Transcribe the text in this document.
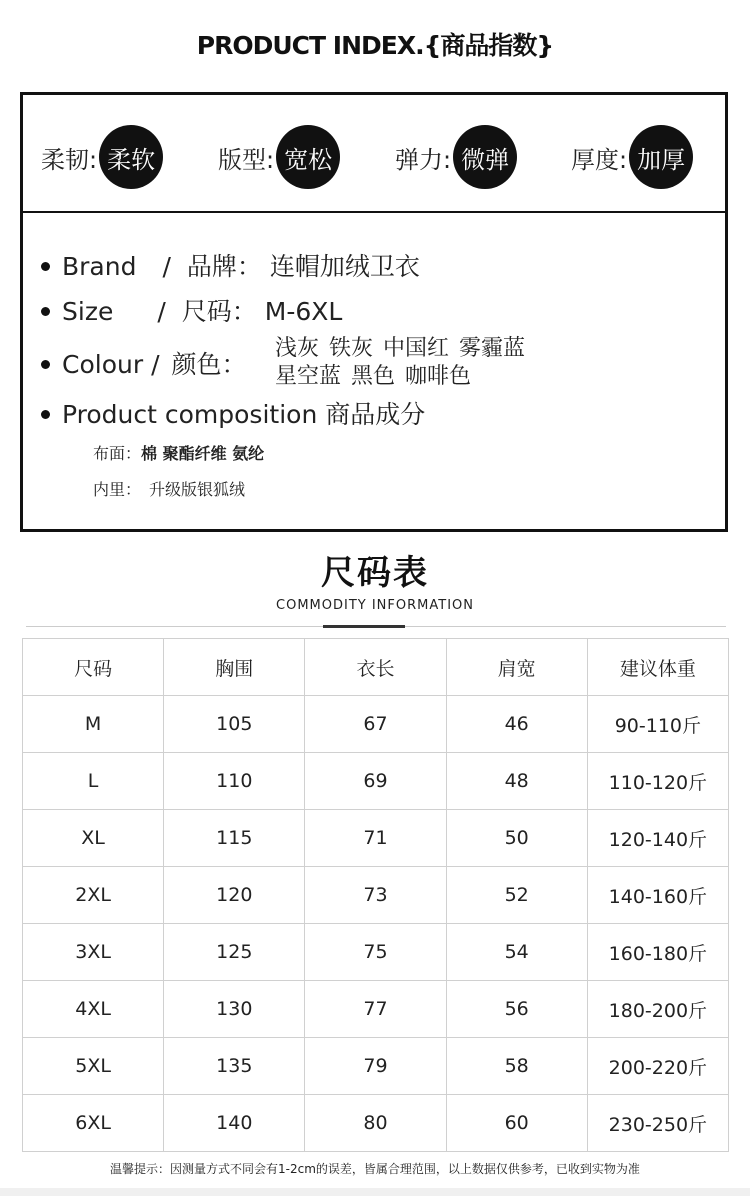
PRODUCT INDEX.{商品指数}
柔韧: 柔软	版型: 宽松	弹力: 微弹	厚度: 加厚
Brand / 品牌： 连帽加绒卫衣
Size / 尺码： M-6XL
Colour / 颜色：
浅灰 铁灰 中国红 雾霾蓝
星空蓝 黑色 咖啡色
Product composition 商品成分
布面：棉 聚酯纤维 氨纶
内里： 升级版银狐绒
尺码表
COMMODITY INFORMATION
尺码	胸围	衣长	肩宽	建议体重
M	105	67	46	90-110斤
L	110	69	48	110-120斤
XL	115	71	50	120-140斤
2XL	120	73	52	140-160斤
3XL	125	75	54	160-180斤
4XL	130	77	56	180-200斤
5XL	135	79	58	200-220斤
6XL	140	80	60	230-250斤
温馨提示：因测量方式不同会有1-2cm的误差，皆属合理范围，以上数据仅供参考，已收到实物为准
